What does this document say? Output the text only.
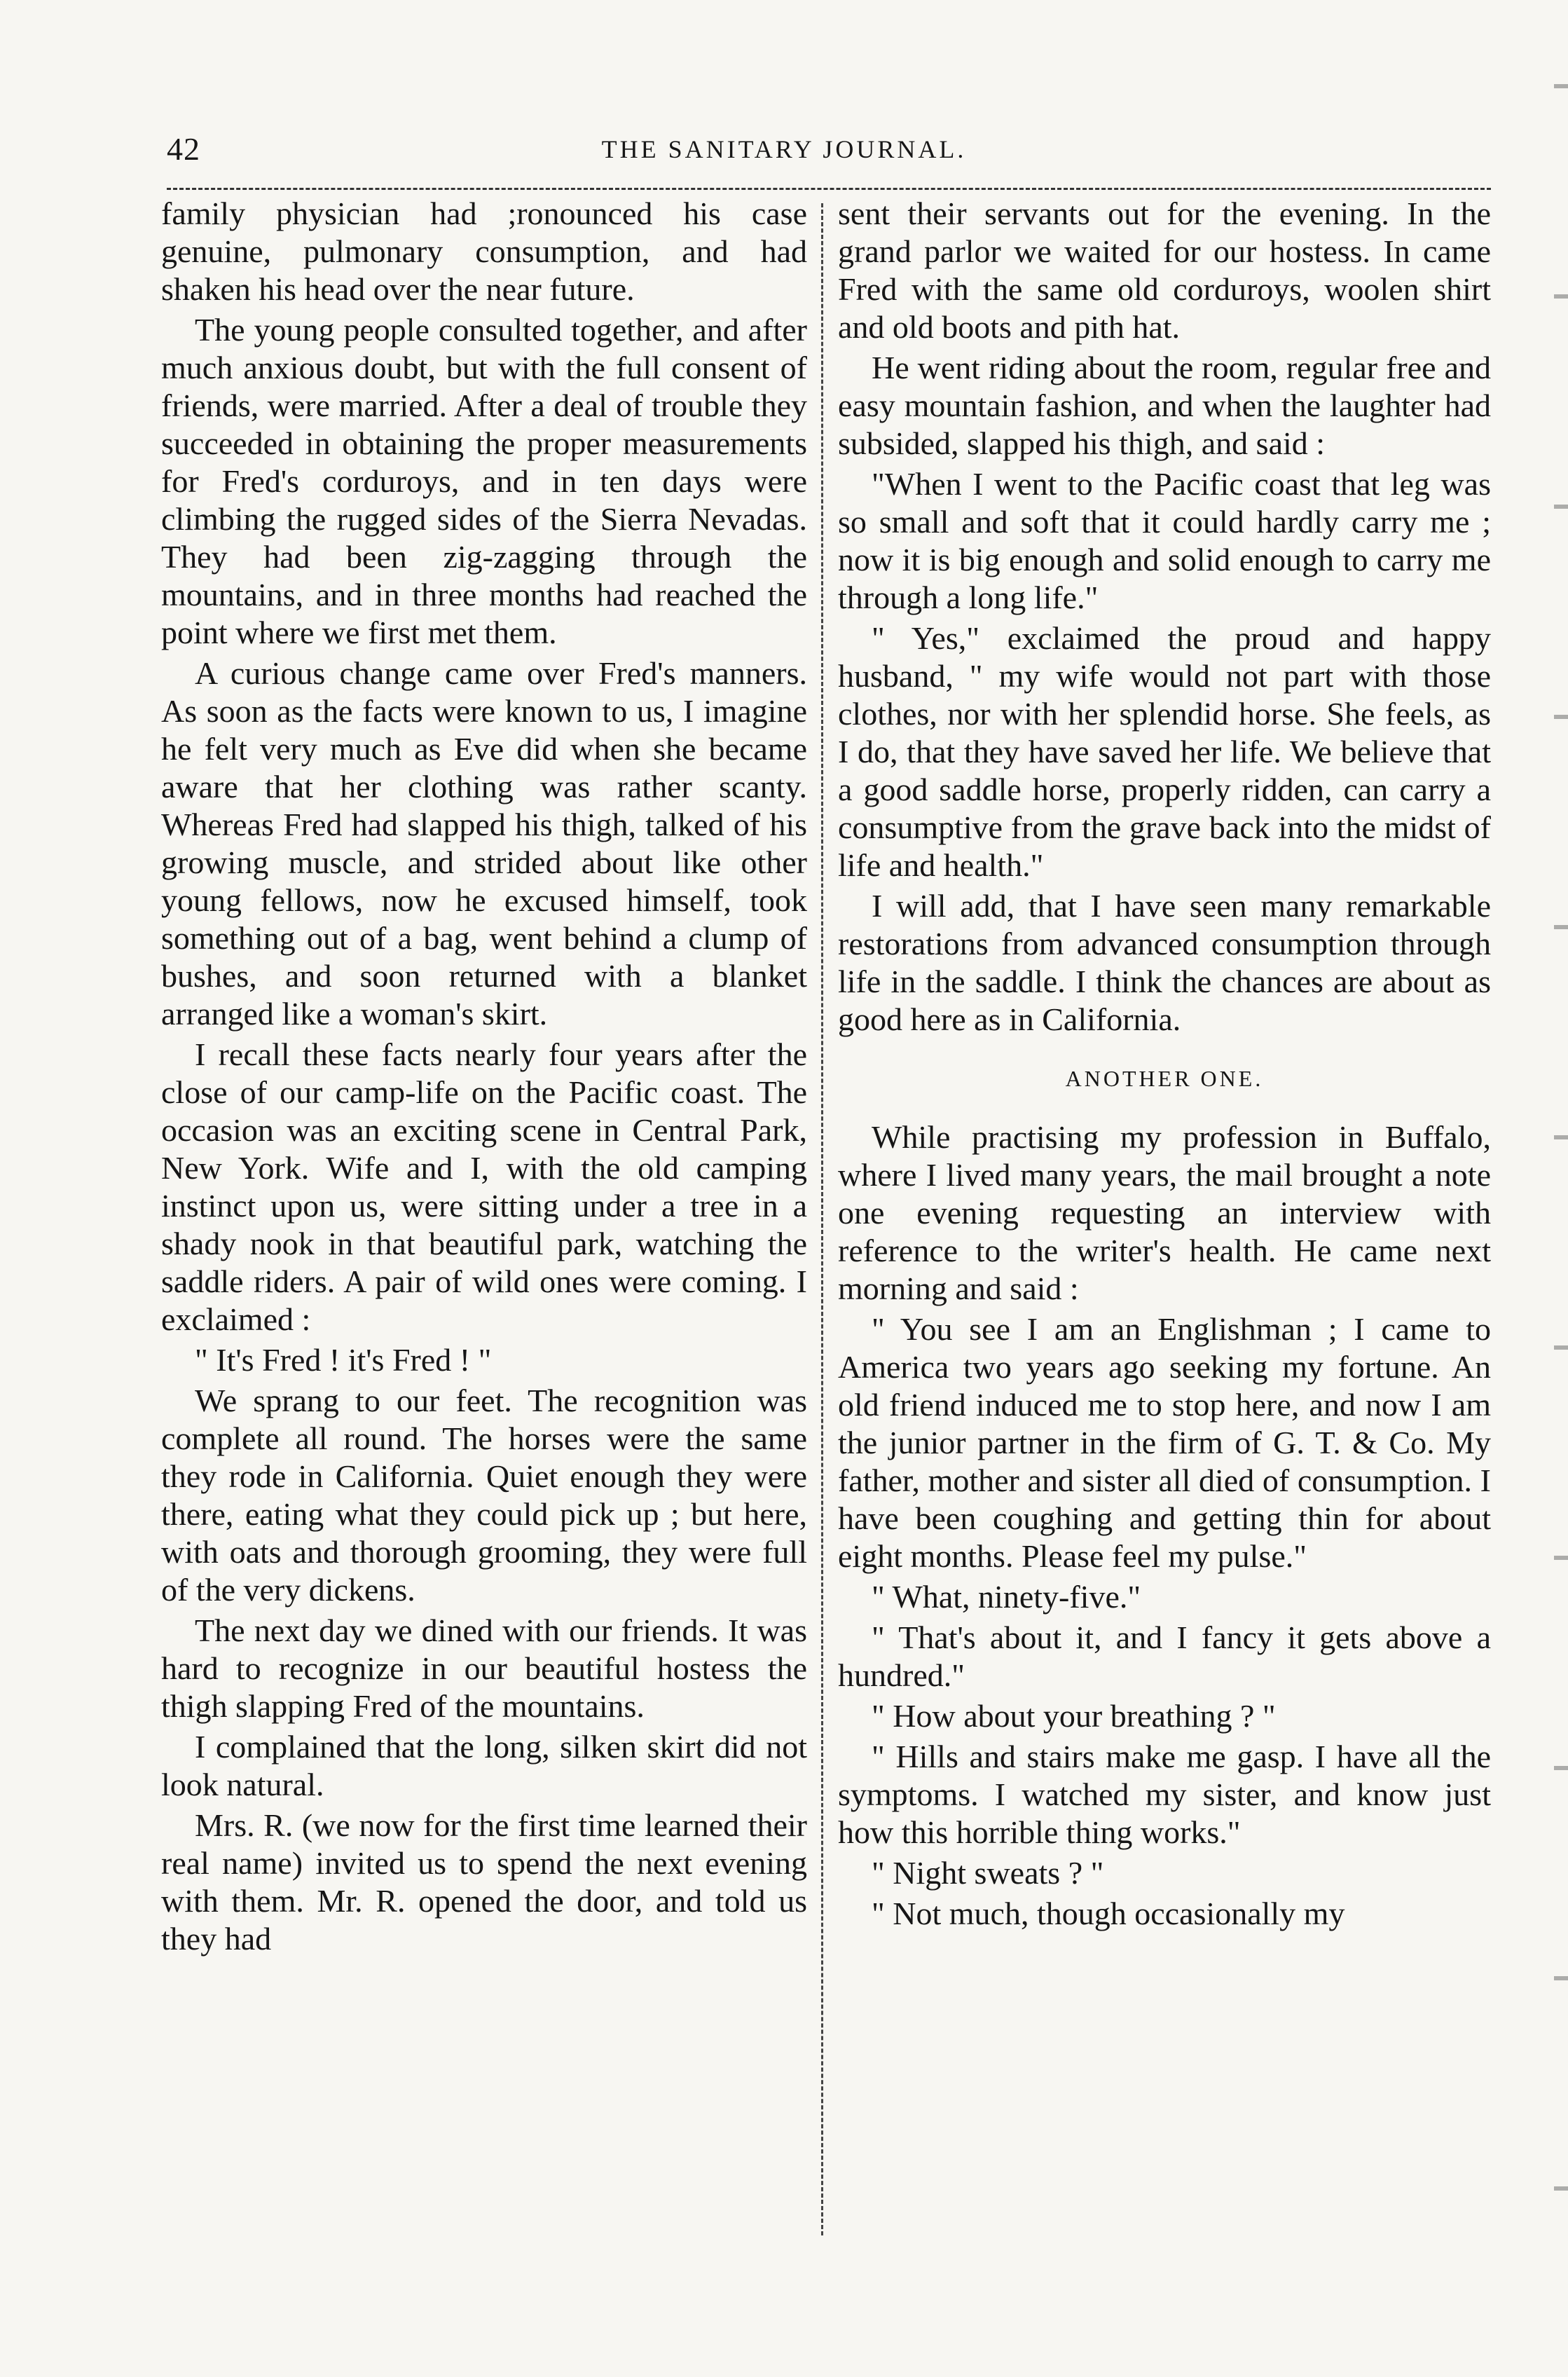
42	THE SANITARY JOURNAL.

family physician had ;ronounced his case genuine, pulmonary consumption, and had shaken his head over the near future.

The young people consulted together, and after much anxious doubt, but with the full consent of friends, were married. After a deal of trouble they succeeded in obtaining the proper measurements for Fred's corduroys, and in ten days were climbing the rugged sides of the Sierra Nevadas. They had been zig-zagging through the mountains, and in three months had reached the point where we first met them.

A curious change came over Fred's manners. As soon as the facts were known to us, I imagine he felt very much as Eve did when she became aware that her clothing was rather scanty. Whereas Fred had slapped his thigh, talked of his growing muscle, and strided about like other young fellows, now he excused himself, took something out of a bag, went behind a clump of bushes, and soon returned with a blanket arranged like a woman's skirt.

I recall these facts nearly four years after the close of our camp-life on the Pacific coast. The occasion was an exciting scene in Central Park, New York. Wife and I, with the old camping instinct upon us, were sitting under a tree in a shady nook in that beautiful park, watching the saddle riders. A pair of wild ones were coming. I exclaimed :

" It's Fred ! it's Fred ! "

We sprang to our feet. The recognition was complete all round. The horses were the same they rode in California. Quiet enough they were there, eating what they could pick up ; but here, with oats and thorough grooming, they were full of the very dickens.

The next day we dined with our friends. It was hard to recognize in our beautiful hostess the thigh slapping Fred of the mountains.

I complained that the long, silken skirt did not look natural.

Mrs. R. (we now for the first time learned their real name) invited us to spend the next evening with them. Mr. R. opened the door, and told us they had

sent their servants out for the evening. In the grand parlor we waited for our hostess. In came Fred with the same old corduroys, woolen shirt and old boots and pith hat.

He went riding about the room, regular free and easy mountain fashion, and when the laughter had subsided, slapped his thigh, and said :

"When I went to the Pacific coast that leg was so small and soft that it could hardly carry me ; now it is big enough and solid enough to carry me through a long life."

" Yes," exclaimed the proud and happy husband, " my wife would not part with those clothes, nor with her splendid horse. She feels, as I do, that they have saved her life. We believe that a good saddle horse, properly ridden, can carry a consumptive from the grave back into the midst of life and health."

I will add, that I have seen many remarkable restorations from advanced consumption through life in the saddle. I think the chances are about as good here as in California.

ANOTHER ONE.

While practising my profession in Buffalo, where I lived many years, the mail brought a note one evening requesting an interview with reference to the writer's health. He came next morning and said :

" You see I am an Englishman ; I came to America two years ago seeking my fortune. An old friend induced me to stop here, and now I am the junior partner in the firm of G. T. & Co. My father, mother and sister all died of consumption. I have been coughing and getting thin for about eight months. Please feel my pulse."

" What, ninety-five."

" That's about it, and I fancy it gets above a hundred."

" How about your breathing ? "

" Hills and stairs make me gasp. I have all the symptoms. I watched my sister, and know just how this horrible thing works."

" Night sweats ? "

" Not much, though occasionally my
